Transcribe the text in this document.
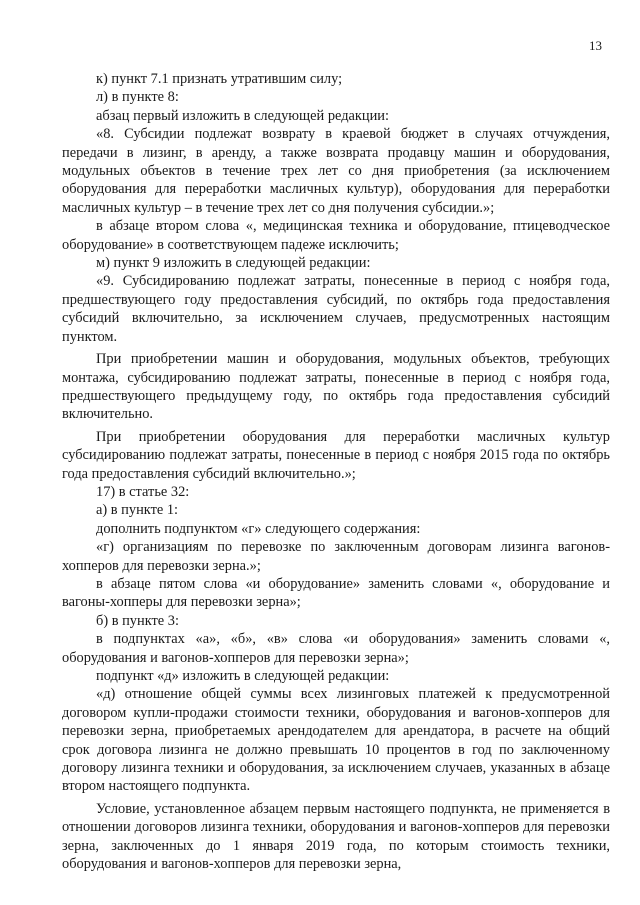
13

к) пункт 7.1 признать утратившим силу;

л) в пункте 8:

абзац первый изложить в следующей редакции:

«8. Субсидии подлежат возврату в краевой бюджет в случаях отчуждения, передачи в лизинг, в аренду, а также возврата продавцу машин и оборудования, модульных объектов в течение трех лет со дня приобретения (за исключением оборудования для переработки масличных культур), оборудования для переработки масличных культур – в течение трех лет со дня получения субсидии.»;

в абзаце втором слова «, медицинская техника и оборудование, птицеводческое оборудование» в соответствующем падеже исключить;

м) пункт 9 изложить в следующей редакции:

«9. Субсидированию подлежат затраты, понесенные в период с ноября года, предшествующего году предоставления субсидий, по октябрь года предоставления субсидий включительно, за исключением случаев, предусмотренных настоящим пунктом.

При приобретении машин и оборудования, модульных объектов, требующих монтажа, субсидированию подлежат затраты, понесенные в период с ноября года, предшествующего предыдущему году, по октябрь года предоставления субсидий включительно.

При приобретении оборудования для переработки масличных культур субсидированию подлежат затраты, понесенные в период с ноября 2015 года по октябрь года предоставления субсидий включительно.»;

17) в статье 32:

а) в пункте 1:

дополнить подпунктом «г» следующего содержания:

«г) организациям по перевозке по заключенным договорам лизинга вагонов-хопперов для перевозки зерна.»;

в абзаце пятом слова «и оборудование» заменить словами «, оборудование и вагоны-хопперы для перевозки зерна»;

б) в пункте 3:

в подпунктах «а», «б», «в» слова «и оборудования» заменить словами «, оборудования и вагонов-хопперов для перевозки зерна»;

подпункт «д» изложить в следующей редакции:

«д) отношение общей суммы всех лизинговых платежей к предусмотренной договором купли-продажи стоимости техники, оборудования и вагонов-хопперов для перевозки зерна, приобретаемых арендодателем для арендатора, в расчете на общий срок договора лизинга не должно превышать 10 процентов в год по заключенному договору лизинга техники и оборудования, за исключением случаев, указанных в абзаце втором настоящего подпункта.

Условие, установленное абзацем первым настоящего подпункта, не применяется в отношении договоров лизинга техники, оборудования и вагонов-хопперов для перевозки зерна, заключенных до 1 января 2019 года, по которым стоимость техники, оборудования и вагонов-хопперов для перевозки зерна,
